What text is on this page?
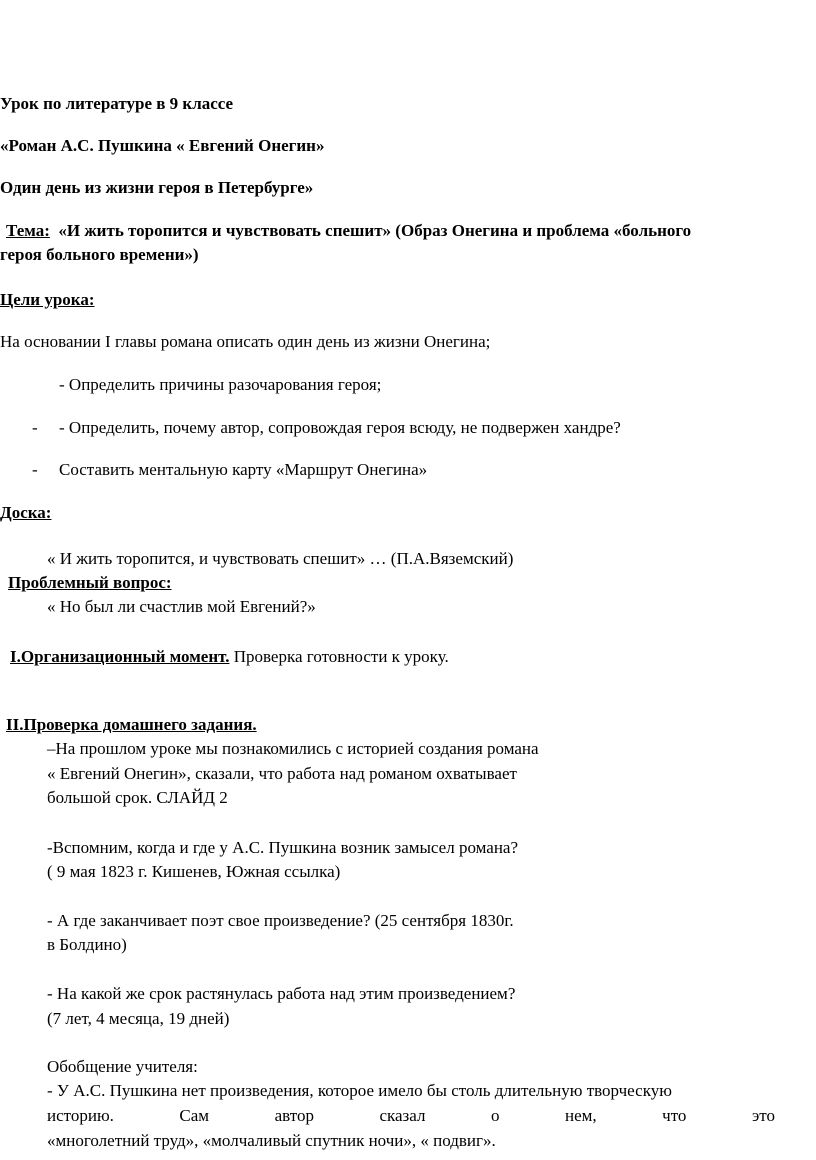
Урок по литературе в 9 классе
«Роман А.С. Пушкина « Евгений Онегин»
Один день из жизни героя в Петербурге»
Тема: «И жить торопится и чувствовать спешит» (Образ Онегина и проблема «больного
героя больного времени»)
Цели урока:
На основании I главы романа описать один день из жизни Онегина;
- Определить причины разочарования героя;
- - Определить, почему автор, сопровождая героя всюду, не подвержен хандре?
- Составить ментальную карту «Маршрут Онегина»
Доска:
« И жить торопится, и чувствовать спешит» … (П.А.Вяземский)
Проблемный вопрос:
« Но был ли счастлив мой Евгений?»
I.Организационный момент. Проверка готовности к уроку.
II.Проверка домашнего задания.
–На прошлом уроке мы познакомились с историей создания романа
« Евгений Онегин», сказали, что работа над романом охватывает
большой срок. СЛАЙД 2
-Вспомним, когда и где у А.С. Пушкина возник замысел романа?
( 9 мая 1823 г. Кишенев, Южная ссылка)
- А где заканчивает поэт свое произведение? (25 сентября 1830г.
в Болдино)
- На какой же срок растянулась работа над этим произведением?
(7 лет, 4 месяца, 19 дней)
Обобщение учителя:
- У А.С. Пушкина нет произведения, которое имело бы столь длительную творческую
историю.	Сам	автор	сказал	о	нем,	что	это
«многолетний труд», «молчаливый спутник ночи», « подвиг».
